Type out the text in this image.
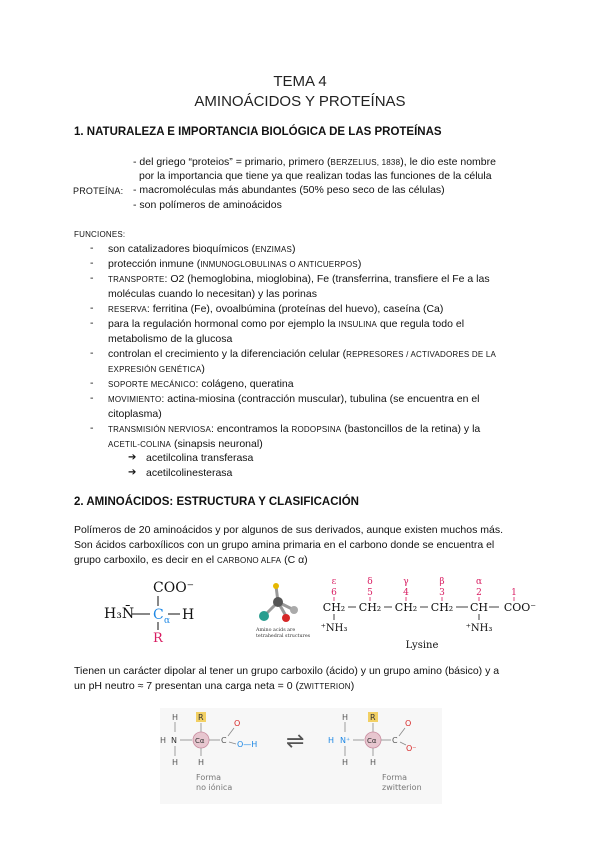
TEMA 4
AMINOÁCIDOS Y PROTEÍNAS
1. NATURALEZA E IMPORTANCIA BIOLÓGICA DE LAS PROTEÍNAS
- del griego “proteios” = primario, primero (BERZELIUS, 1838), le dio este nombre
por la importancia que tiene ya que realizan todas las funciones de la célula
PROTEÍNA: - macromoléculas más abundantes (50% peso seco de las células)
- son polímeros de aminoácidos
FUNCIONES:
- son catalizadores bioquímicos (ENZIMAS)
- protección inmune (INMUNOGLOBULINAS O ANTICUERPOS)
- TRANSPORTE: O2 (hemoglobina, mioglobina), Fe (transferrina, transfiere el Fe a las
moléculas cuando lo necesitan) y las porinas
- RESERVA: ferritina (Fe), ovoalbúmina (proteínas del huevo), caseína (Ca)
- para la regulación hormonal como por ejemplo la INSULINA que regula todo el
metabolismo de la glucosa
- controlan el crecimiento y la diferenciación celular (REPRESORES / ACTIVADORES DE LA
EXPRESIÓN GENÉTICA)
- SOPORTE MECÁNICO: colágeno, queratina
- MOVIMIENTO: actina-miosina (contracción muscular), tubulina (se encuentra en el
citoplasma)
- TRANSMISIÓN NERVIOSA: encontramos la RODOPSINA (bastoncillos de la retina) y la
ACETIL-COLINA (sinapsis neuronal)
➔ acetilcolina transferasa
➔ acetilcolinesterasa
2. AMINOÁCIDOS: ESTRUCTURA Y CLASIFICACIÓN
Polímeros de 20 aminoácidos y por algunos de sus derivados, aunque existen muchos más.
Son ácidos carboxílicos con un grupo amina primaria en el carbono donde se encuentra el
grupo carboxilo, es decir en el CARBONO ALFA (C α)
COO⁻
H₃N̄ C α H
R
Amino acids are
tetrahedral structures
ε	δ	γ	β	α
6	5	4	3	2	1
CH₂ CH₂ CH₂ CH₂ CH COO⁻
⁺NH₃	⁺NH₃
Lysine
Tienen un carácter dipolar al tener un grupo carboxilo (ácido) y un grupo amino (básico) y a
un pH neutro ≈ 7 presentan una carga neta = 0 (ZWITTERION)
H
N
H
H
R
Cα
H
C
O
O—H
Forma
no iónica
⇌
H
N⁺
H
H
R
Cα
H
C
O
O⁻
Forma
zwitterion
